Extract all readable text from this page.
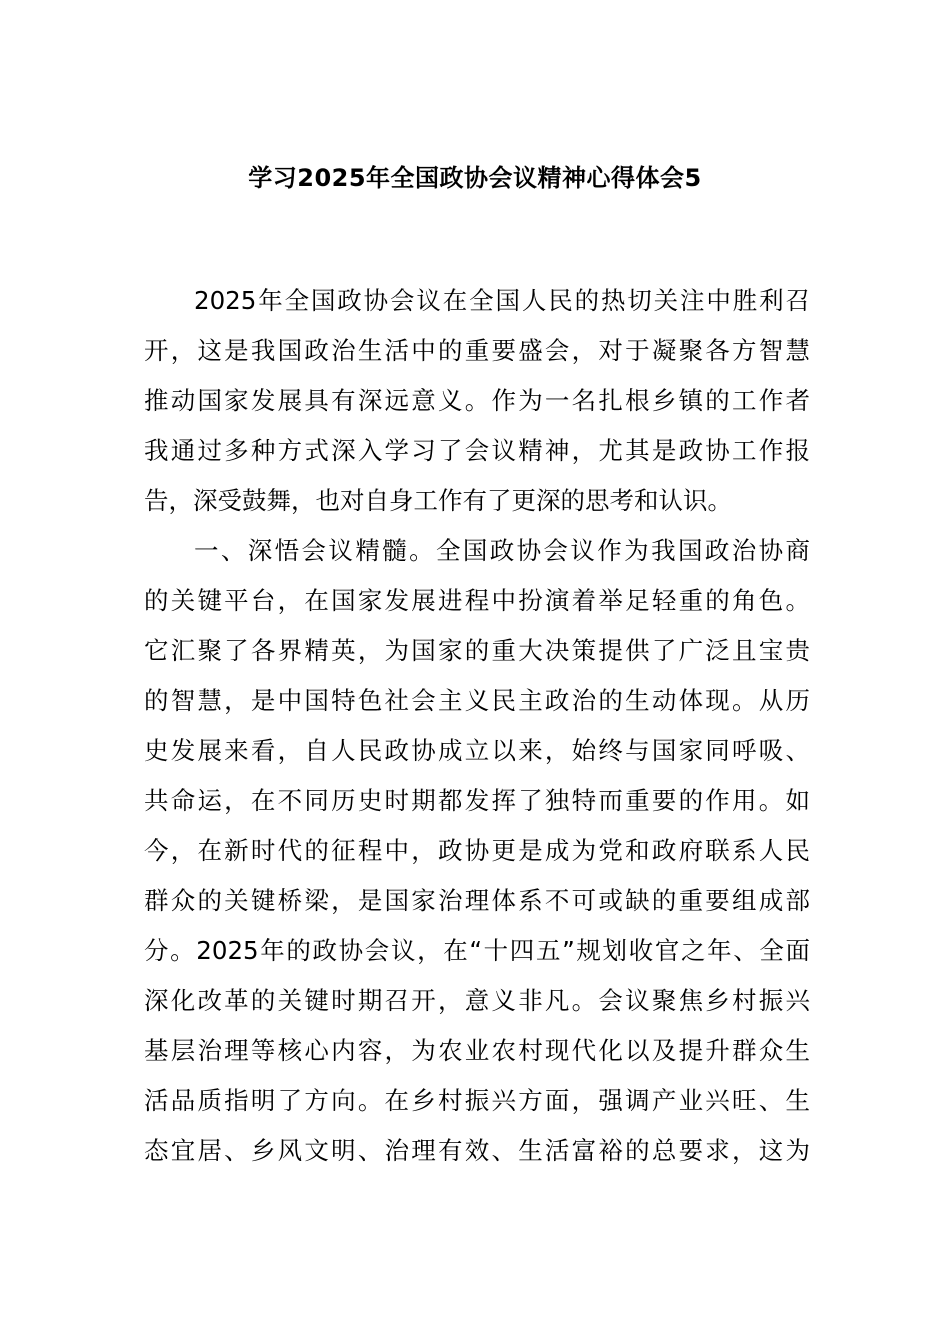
学习2025年全国政协会议精神心得体会5
2025年全国政协会议在全国人民的热切关注中胜利召
开，这是我国政治生活中的重要盛会，对于凝聚各方智慧
推动国家发展具有深远意义。作为一名扎根乡镇的工作者
我通过多种方式深入学习了会议精神，尤其是政协工作报
告，深受鼓舞，也对自身工作有了更深的思考和认识。
一、深悟会议精髓。全国政协会议作为我国政治协商
的关键平台，在国家发展进程中扮演着举足轻重的角色。
它汇聚了各界精英，为国家的重大决策提供了广泛且宝贵
的智慧，是中国特色社会主义民主政治的生动体现。从历
史发展来看，自人民政协成立以来，始终与国家同呼吸、
共命运，在不同历史时期都发挥了独特而重要的作用。如
今，在新时代的征程中，政协更是成为党和政府联系人民
群众的关键桥梁，是国家治理体系不可或缺的重要组成部
分。2025年的政协会议，在“十四五”规划收官之年、全面
深化改革的关键时期召开，意义非凡。会议聚焦乡村振兴
基层治理等核心内容，为农业农村现代化以及提升群众生
活品质指明了方向。在乡村振兴方面，强调产业兴旺、生
态宜居、乡风文明、治理有效、生活富裕的总要求，这为
